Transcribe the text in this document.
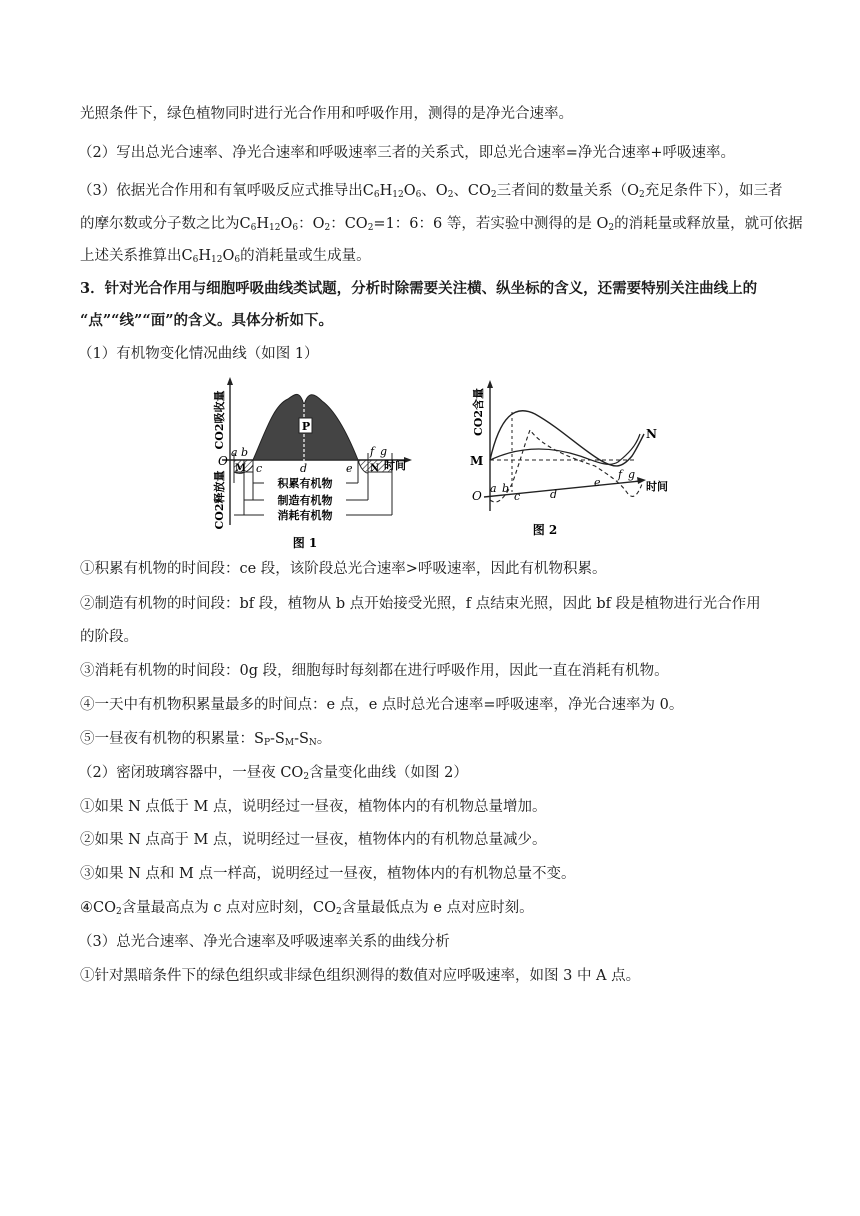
光照条件下，绿色植物同时进行光合作用和呼吸作用，测得的是净光合速率。
（2）写出总光合速率、净光合速率和呼吸速率三者的关系式，即总光合速率=净光合速率+呼吸速率。
（3）依据光合作用和有氧呼吸反应式推导出$C_6H_{12}O_6$、$O_2$、$CO_2$三者间的数量关系（$O_2$充足条件下），如三者
的摩尔数或分子数之比为$C_6H_{12}O_6$：$O_2$：$CO_2=1$：6：6 等，若实验中测得的是 $O_2$的消耗量或释放量，就可依据
上述关系推算出$C_6H_{12}O_6$的消耗量或生成量。
3．针对光合作用与细胞呼吸曲线类试题，分析时除需要关注横、纵坐标的含义，还需要特别关注曲线上的
“点”“线”“面”的含义。具体分析如下。
（1）有机物变化情况曲线（如图 1）
积累有机物
制造有机物
消耗有机物
CO2吸收量
CO2释放量
时间
O
a b
c	d	e
f g
P
M	N
图 1
CO2含量
M
N
O
a b
c	d
e
f g
时间
图 2
①积累有机物的时间段：ce 段，该阶段总光合速率>呼吸速率，因此有机物积累。
②制造有机物的时间段：bf 段，植物从 b 点开始接受光照，f 点结束光照，因此 bf 段是植物进行光合作用
的阶段。
③消耗有机物的时间段：0g 段，细胞每时每刻都在进行呼吸作用，因此一直在消耗有机物。
④一天中有机物积累量最多的时间点：e 点，e 点时总光合速率=呼吸速率，净光合速率为 0。
⑤一昼夜有机物的积累量：$S_P-S_M-S_N$。
（2）密闭玻璃容器中，一昼夜 $CO_2$含量变化曲线（如图 2）
①如果 N 点低于 M 点，说明经过一昼夜，植物体内的有机物总量增加。
②如果 N 点高于 M 点，说明经过一昼夜，植物体内的有机物总量减少。
③如果 N 点和 M 点一样高，说明经过一昼夜，植物体内的有机物总量不变。
$④CO_2$含量最高点为 c 点对应时刻，$CO_2$含量最低点为 e 点对应时刻。
（3）总光合速率、净光合速率及呼吸速率关系的曲线分析
①针对黑暗条件下的绿色组织或非绿色组织测得的数值对应呼吸速率，如图 3 中 A 点。
